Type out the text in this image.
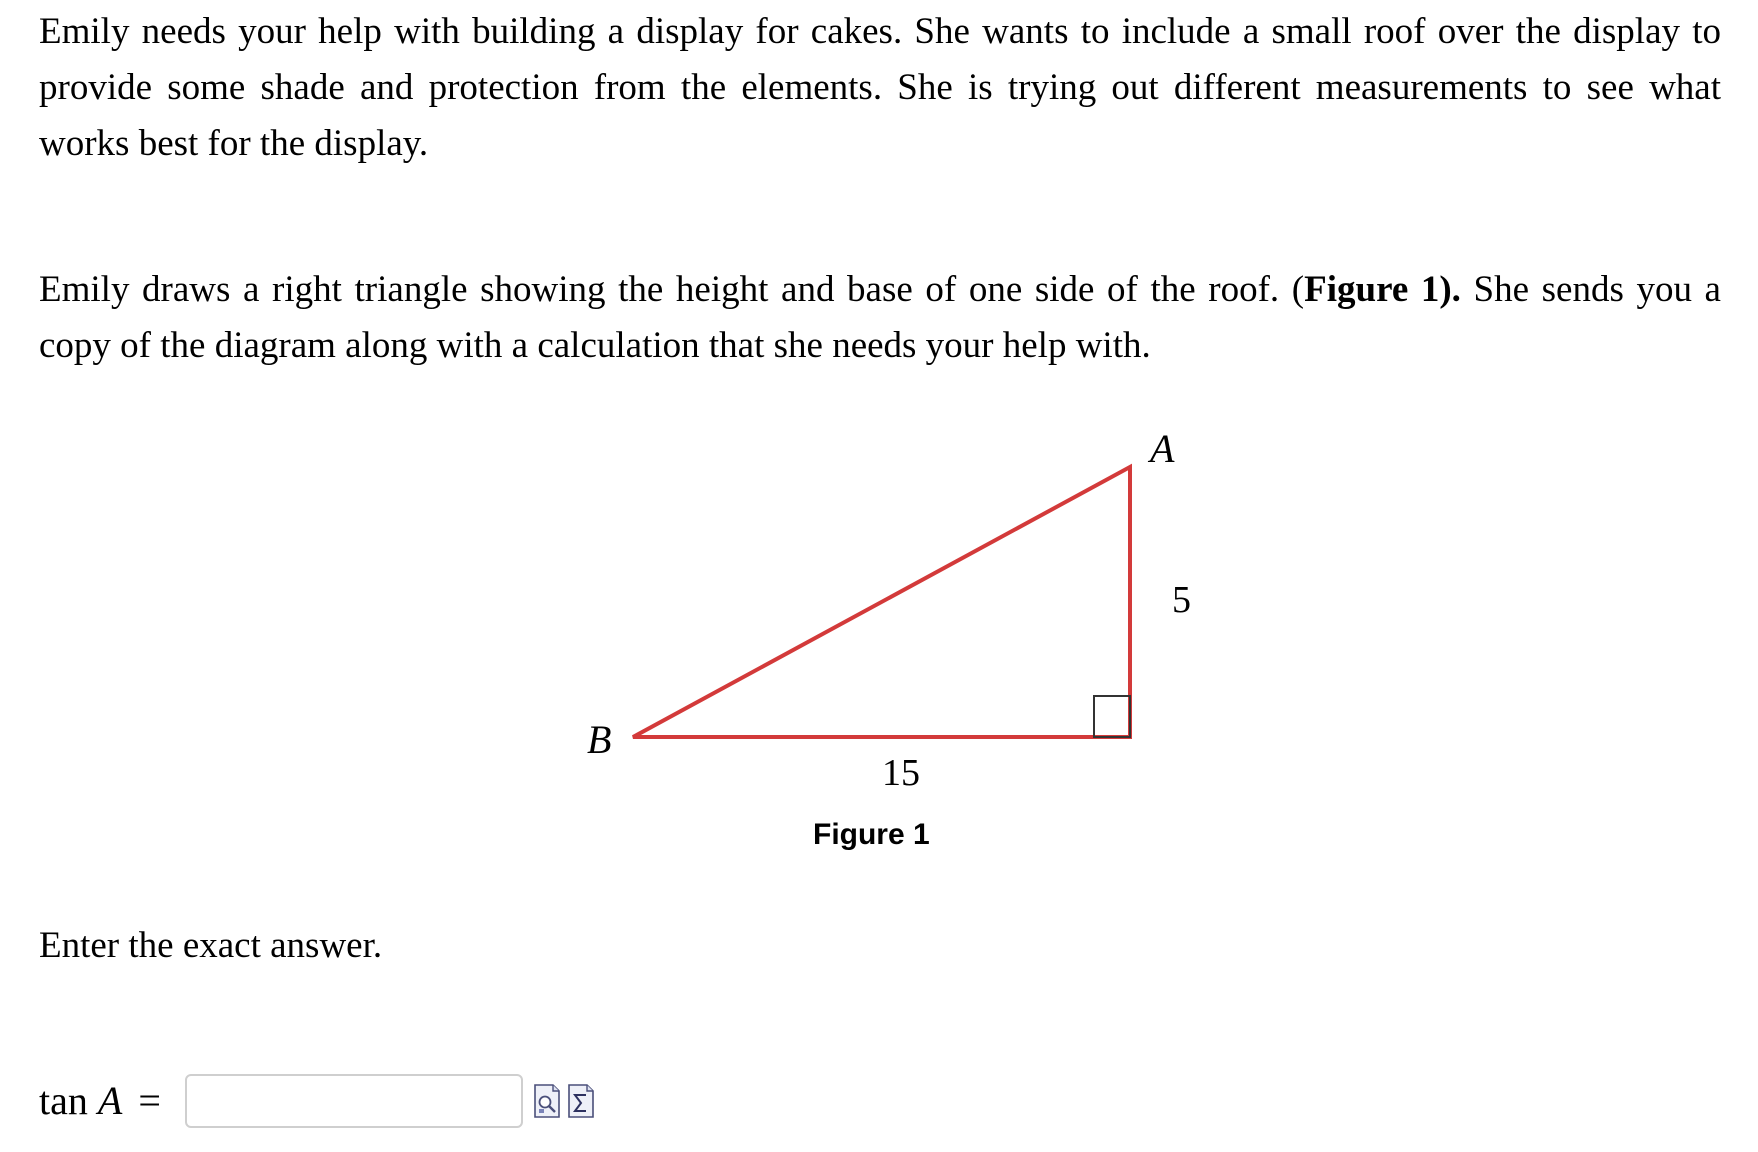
Emily needs your help with building a display for cakes. She wants to include a small roof over the display to provide some shade and protection from the elements. She is trying out different measurements to see what works best for the display.

Emily draws a right triangle showing the height and base of one side of the roof. (Figure 1). She sends you a copy of the diagram along with a calculation that she needs your help with.

A
B
5
15
Figure 1

Enter the exact answer.

tan A =
